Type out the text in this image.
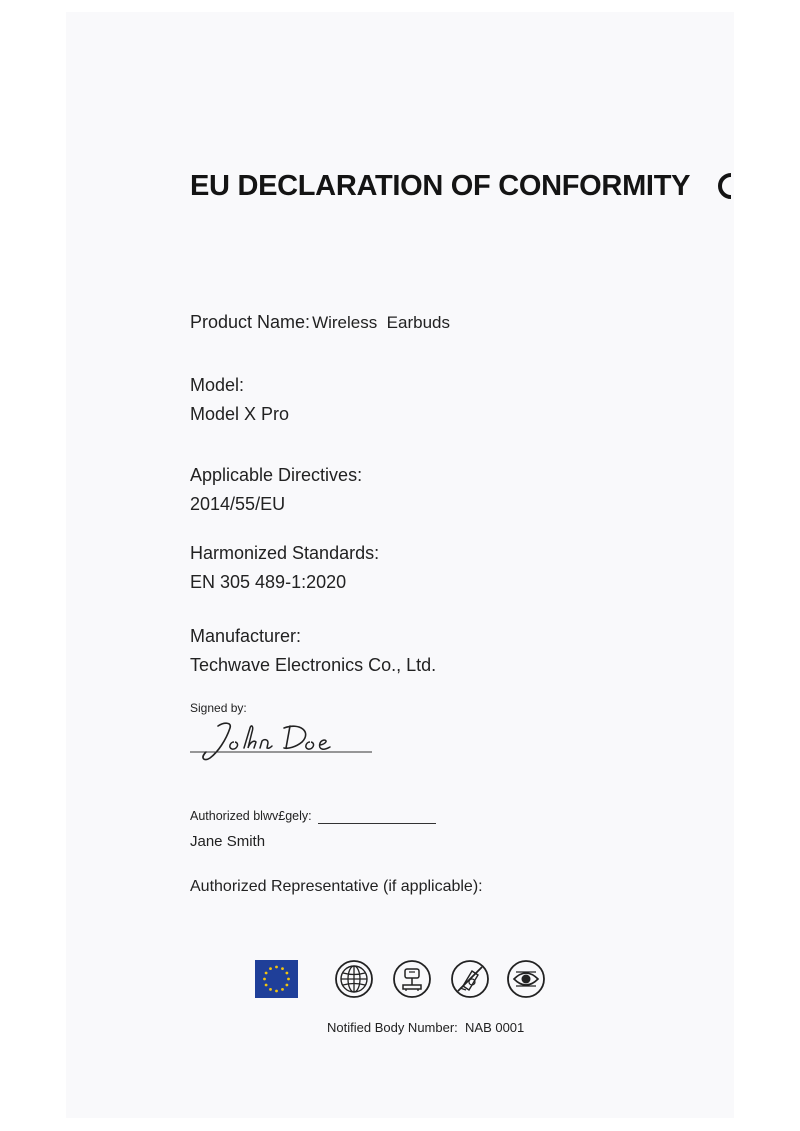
EU DECLARATION OF CONFORMITY
Product Name: Wireless  Earbuds
Model:
Model X Pro
Applicable Directives:
2014/55/EU
Harmonized Standards:
EN 305 489-1:2020
Manufacturer:
Techwave Electronics Co., Ltd.
Signed by:
Authorized blwv£gely:
Jane Smith
Authorized Representative (if applicable):
Notified Body Number:  NAB 0001
